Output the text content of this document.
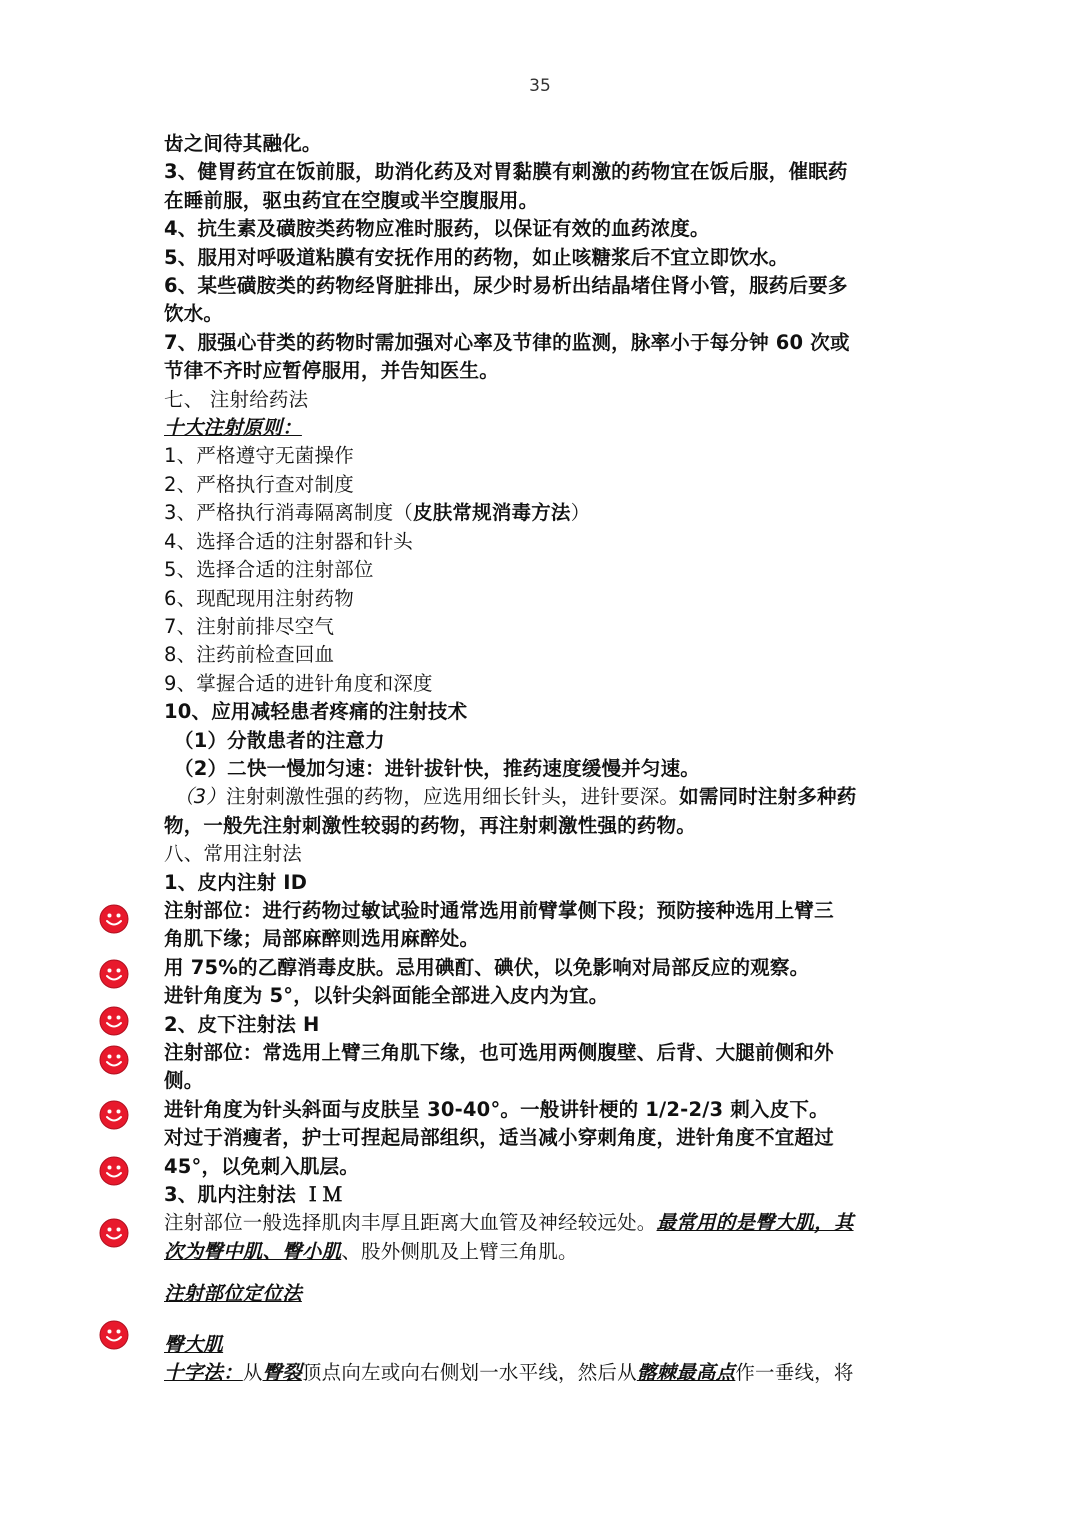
35
齿之间待其融化。
3、健胃药宜在饭前服，助消化药及对胃黏膜有刺激的药物宜在饭后服，催眠药
在睡前服，驱虫药宜在空腹或半空腹服用。
4、抗生素及磺胺类药物应准时服药，以保证有效的血药浓度。
5、服用对呼吸道粘膜有安抚作用的药物，如止咳糖浆后不宜立即饮水。
6、某些磺胺类的药物经肾脏排出，尿少时易析出结晶堵住肾小管，服药后要多
饮水。
7、服强心苷类的药物时需加强对心率及节律的监测，脉率小于每分钟 60 次或
节律不齐时应暂停服用，并告知医生。
七、 注射给药法
十大注射原则：
1、严格遵守无菌操作
2、严格执行查对制度
3、严格执行消毒隔离制度（皮肤常规消毒方法）
4、选择合适的注射器和针头
5、选择合适的注射部位
6、现配现用注射药物
7、注射前排尽空气
8、注药前检查回血
9、掌握合适的进针角度和深度
10、应用减轻患者疼痛的注射技术
（1）分散患者的注意力
（2）二快一慢加匀速：进针拔针快，推药速度缓慢并匀速。
（3）注射刺激性强的药物，应选用细长针头，进针要深。如需同时注射多种药
物，一般先注射刺激性较弱的药物，再注射刺激性强的药物。
八、常用注射法
1、皮内注射 ID
注射部位：进行药物过敏试验时通常选用前臂掌侧下段；预防接种选用上臂三
角肌下缘；局部麻醉则选用麻醉处。
用 75%的乙醇消毒皮肤。忌用碘酊、碘伏，以免影响对局部反应的观察。
进针角度为 5°，以针尖斜面能全部进入皮内为宜。
2、皮下注射法 H
注射部位：常选用上臂三角肌下缘，也可选用两侧腹壁、后背、大腿前侧和外
侧。
进针角度为针头斜面与皮肤呈 30-40°。一般讲针梗的 1/2-2/3 刺入皮下。
对过于消瘦者，护士可捏起局部组织，适当减小穿刺角度，进针角度不宜超过
45°，以免刺入肌层。
3、肌内注射法 ＩＭ
注射部位一般选择肌肉丰厚且距离大血管及神经较远处。最常用的是臀大肌，其
次为臀中肌、臀小肌、股外侧肌及上臂三角肌。
注射部位定位法
臀大肌
十字法：从臀裂顶点向左或向右侧划一水平线，然后从髂棘最高点作一垂线，将
